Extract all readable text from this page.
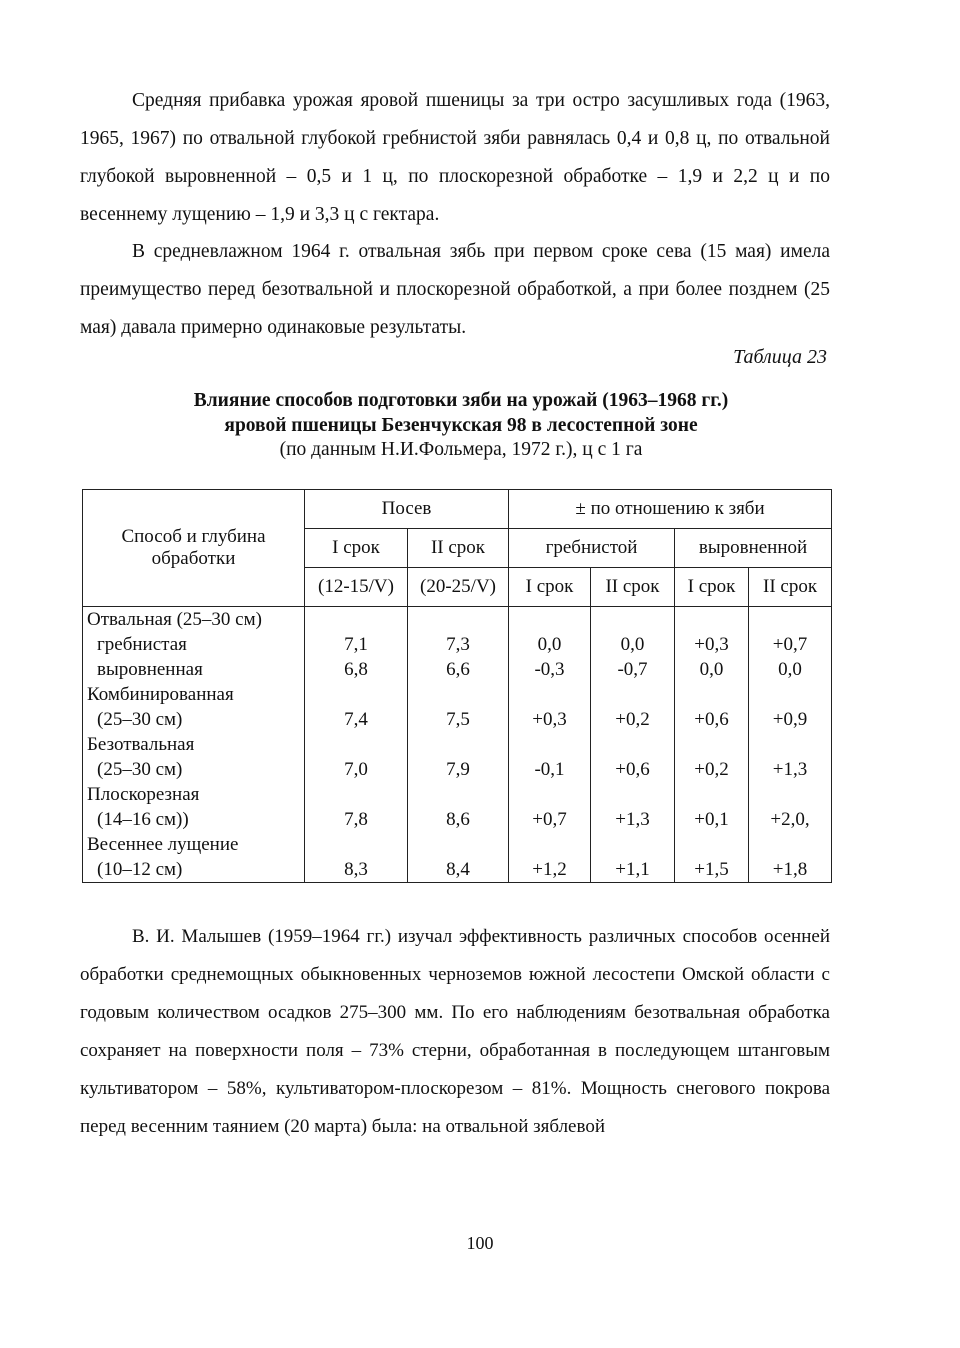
Средняя прибавка урожая яровой пшеницы за три остро засушливых года (1963, 1965, 1967) по отвальной глубокой гребнистой зяби равнялась 0,4 и 0,8 ц, по отвальной глубокой выровненной – 0,5 и 1 ц, по плоскорезной обработке – 1,9 и 2,2 ц и по весеннему лущению – 1,9 и 3,3 ц с гектара.

В средневлажном 1964 г. отвальная зябь при первом сроке сева (15 мая) имела преимущество перед безотвальной и плоскорезной обработкой, а при более позднем (25 мая) давала примерно одинаковые результаты.

Таблица 23

Влияние способов подготовки зяби на урожай (1963–1968 гг.)
яровой пшеницы Безенчукская 98 в лесостепной зоне

(по данным Н.И.Фольмера, 1972 г.), ц с 1 га

Способ и глубина обработки	Посев		± по отношению к зяби			
	I срок	II срок	гребнистой		выровненной	
	(12-15/V)	(20-25/V)	I срок	II срок	I срок	II срок
Отвальная (25–30 см)						
гребнистая	7,1	7,3	0,0	0,0	+0,3	+0,7
выровненная	6,8	6,6	-0,3	-0,7	0,0	0,0
Комбинированная						
(25–30 см)	7,4	7,5	+0,3	+0,2	+0,6	+0,9
Безотвальная						
(25–30 см)	7,0	7,9	-0,1	+0,6	+0,2	+1,3
Плоскорезная						
(14–16 см))	7,8	8,6	+0,7	+1,3	+0,1	+2,0,
Весеннее лущение						
(10–12 см)	8,3	8,4	+1,2	+1,1	+1,5	+1,8

В. И. Малышев (1959–1964 гг.) изучал эффективность различных способов осенней обработки среднемощных обыкновенных черноземов южной лесостепи Омской области с годовым количеством осадков 275–300 мм. По его наблюдениям безотвальная обработка сохраняет на поверхности поля – 73% стерни, обработанная в последующем штанговым культиватором – 58%, культиватором-плоскорезом – 81%. Мощность снегового покрова перед весенним таянием (20 марта) была: на отвальной зяблевой

100
